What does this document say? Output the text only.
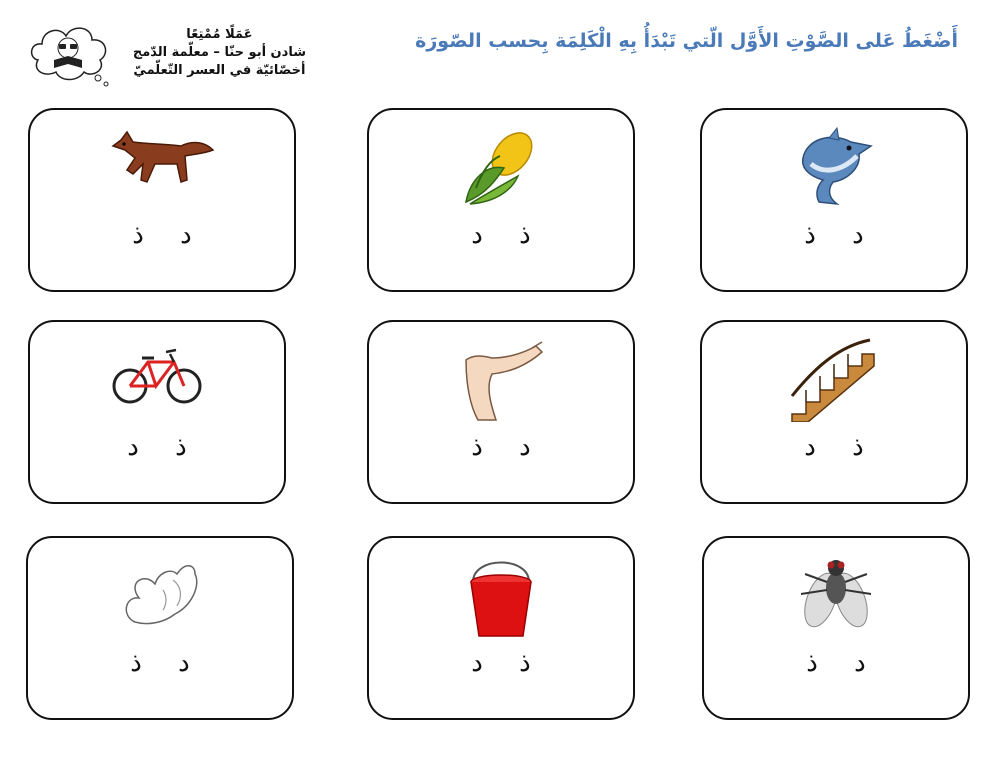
أَضْغَطُ عَلى الصَّوْتِ الأَوَّل الّتي تَبْدَأُ بِهِ الْكَلِمَة بِحسب الصّورَة
عَمَلًا مُمْتِعًا
شادن أبو حنّا – معلّمة الدّمج
أخصّائيّة في العسر التّعلّميّ
د ذ
ذ د
د ذ
ذ د
د ذ
ذ د
د ذ
ذ د
د ذ
